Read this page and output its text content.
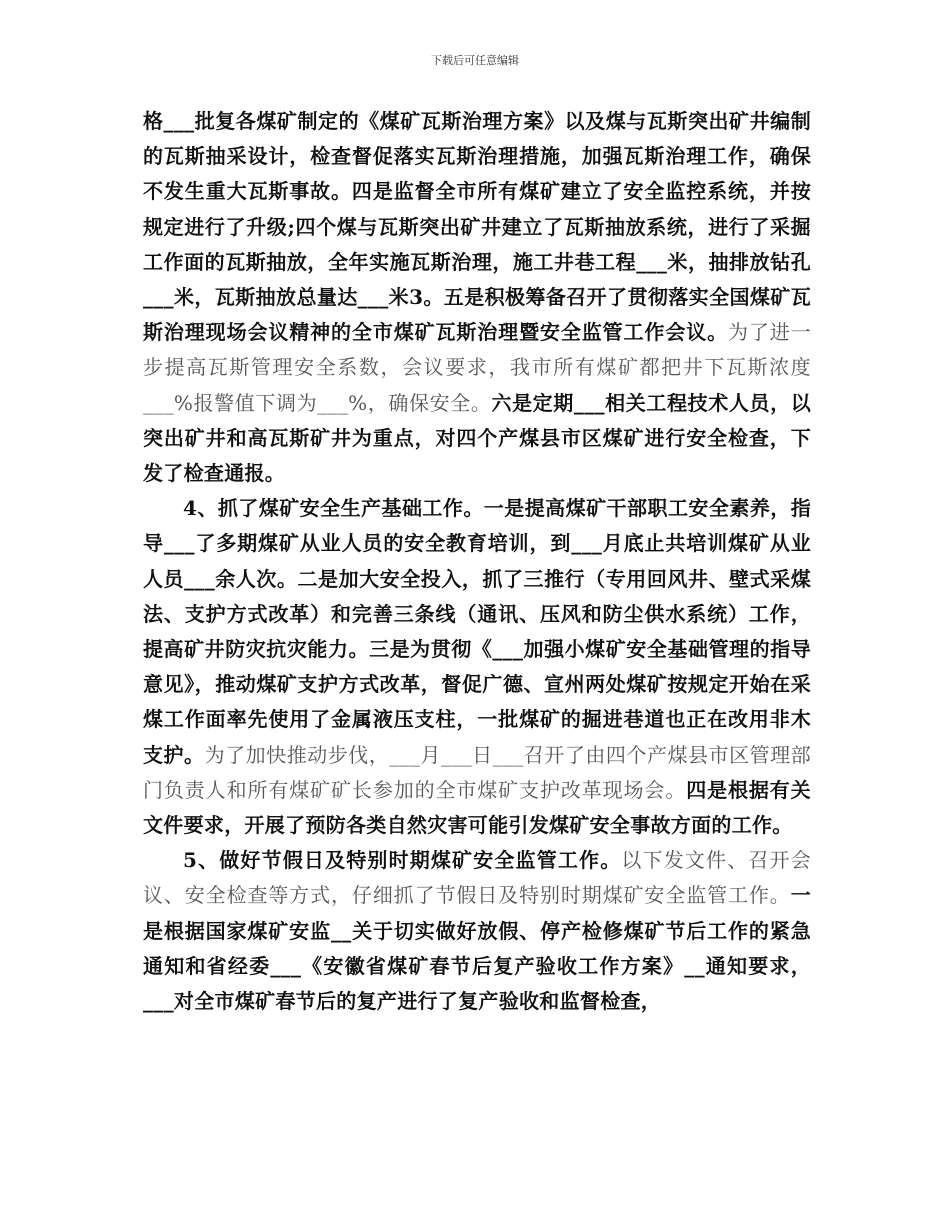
下载后可任意编辑

格___批复各煤矿制定的《煤矿瓦斯治理方案》以及煤与瓦斯突出矿井编制的瓦斯抽采设计，检查督促落实瓦斯治理措施，加强瓦斯治理工作，确保不发生重大瓦斯事故。四是监督全市所有煤矿建立了安全监控系统，并按规定进行了升级;四个煤与瓦斯突出矿井建立了瓦斯抽放系统，进行了采掘工作面的瓦斯抽放，全年实施瓦斯治理，施工井巷工程___米，抽排放钻孔___米，瓦斯抽放总量达___米3。五是积极筹备召开了贯彻落实全国煤矿瓦斯治理现场会议精神的全市煤矿瓦斯治理暨安全监管工作会议。为了进一步提高瓦斯管理安全系数，会议要求，我市所有煤矿都把井下瓦斯浓度___%报警值下调为___%，确保安全。六是定期___相关工程技术人员，以突出矿井和高瓦斯矿井为重点，对四个产煤县市区煤矿进行安全检查，下发了检查通报。

4、抓了煤矿安全生产基础工作。一是提高煤矿干部职工安全素养，指导___了多期煤矿从业人员的安全教育培训，到___月底止共培训煤矿从业人员___余人次。二是加大安全投入，抓了三推行（专用回风井、壁式采煤法、支护方式改革）和完善三条线（通讯、压风和防尘供水系统）工作，提高矿井防灾抗灾能力。三是为贯彻《___加强小煤矿安全基础管理的指导意见》，推动煤矿支护方式改革，督促广德、宣州两处煤矿按规定开始在采煤工作面率先使用了金属液压支柱，一批煤矿的掘进巷道也正在改用非木支护。为了加快推动步伐，___月___日___召开了由四个产煤县市区管理部门负责人和所有煤矿矿长参加的全市煤矿支护改革现场会。四是根据有关文件要求，开展了预防各类自然灾害可能引发煤矿安全事故方面的工作。

5、做好节假日及特别时期煤矿安全监管工作。以下发文件、召开会议、安全检查等方式，仔细抓了节假日及特别时期煤矿安全监管工作。一是根据国家煤矿安监__关于切实做好放假、停产检修煤矿节后工作的紧急通知和省经委___《安徽省煤矿春节后复产验收工作方案》__通知要求，___对全市煤矿春节后的复产进行了复产验收和监督检查，
